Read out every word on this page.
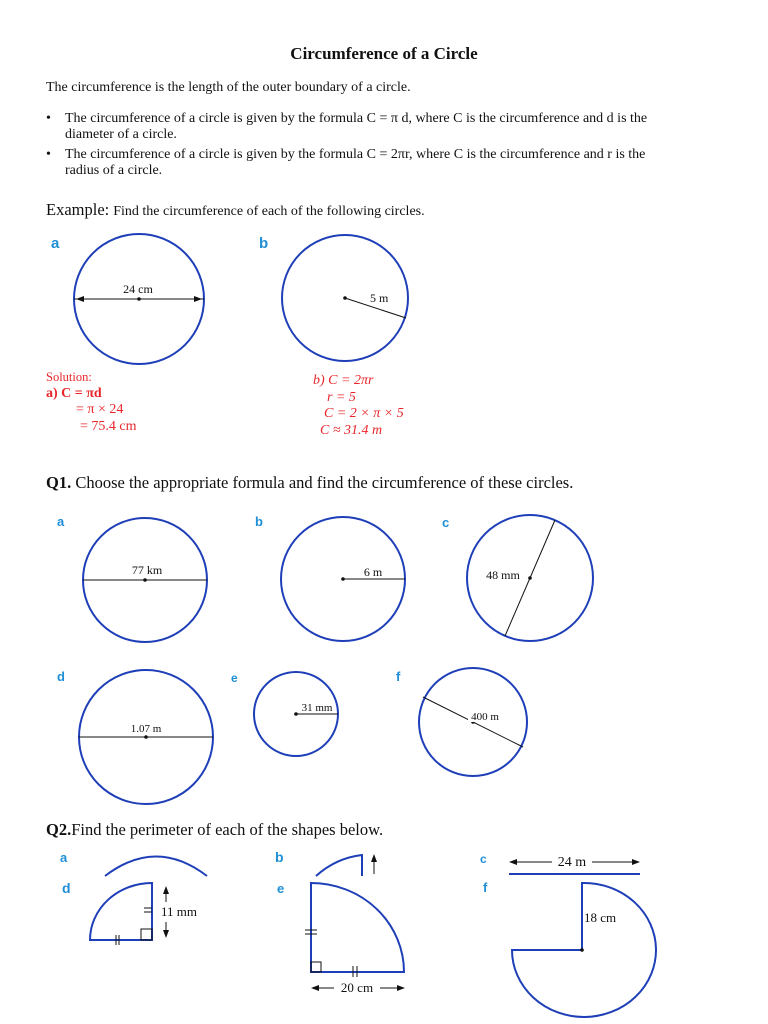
Circumference of a Circle
The circumference is the length of the outer boundary of a circle.
• The circumference of a circle is given by the formula C = π d, where C is the circumference and d is the
diameter of a circle.
• The circumference of a circle is given by the formula C = 2πr, where C is the circumference and r is the
radius of a circle.
Example: Find the circumference of each of the following circles.
a	b
24 cm
5 m
77 km	6 m	48 mm
1.07 m
31 mm
400 m
24 m
11 mm
20 cm
18 cm
Solution:
a) C = πd
= π × 24
= 75.4 cm
b) C = 2πr
r = 5
C = 2 × π × 5
C ≈ 31.4 m
Q1. Choose the appropriate formula and find the circumference of these circles.
a	b	c
d	e	f
Q2.Find the perimeter of each of the shapes below.
a	b	c
d	e	f
